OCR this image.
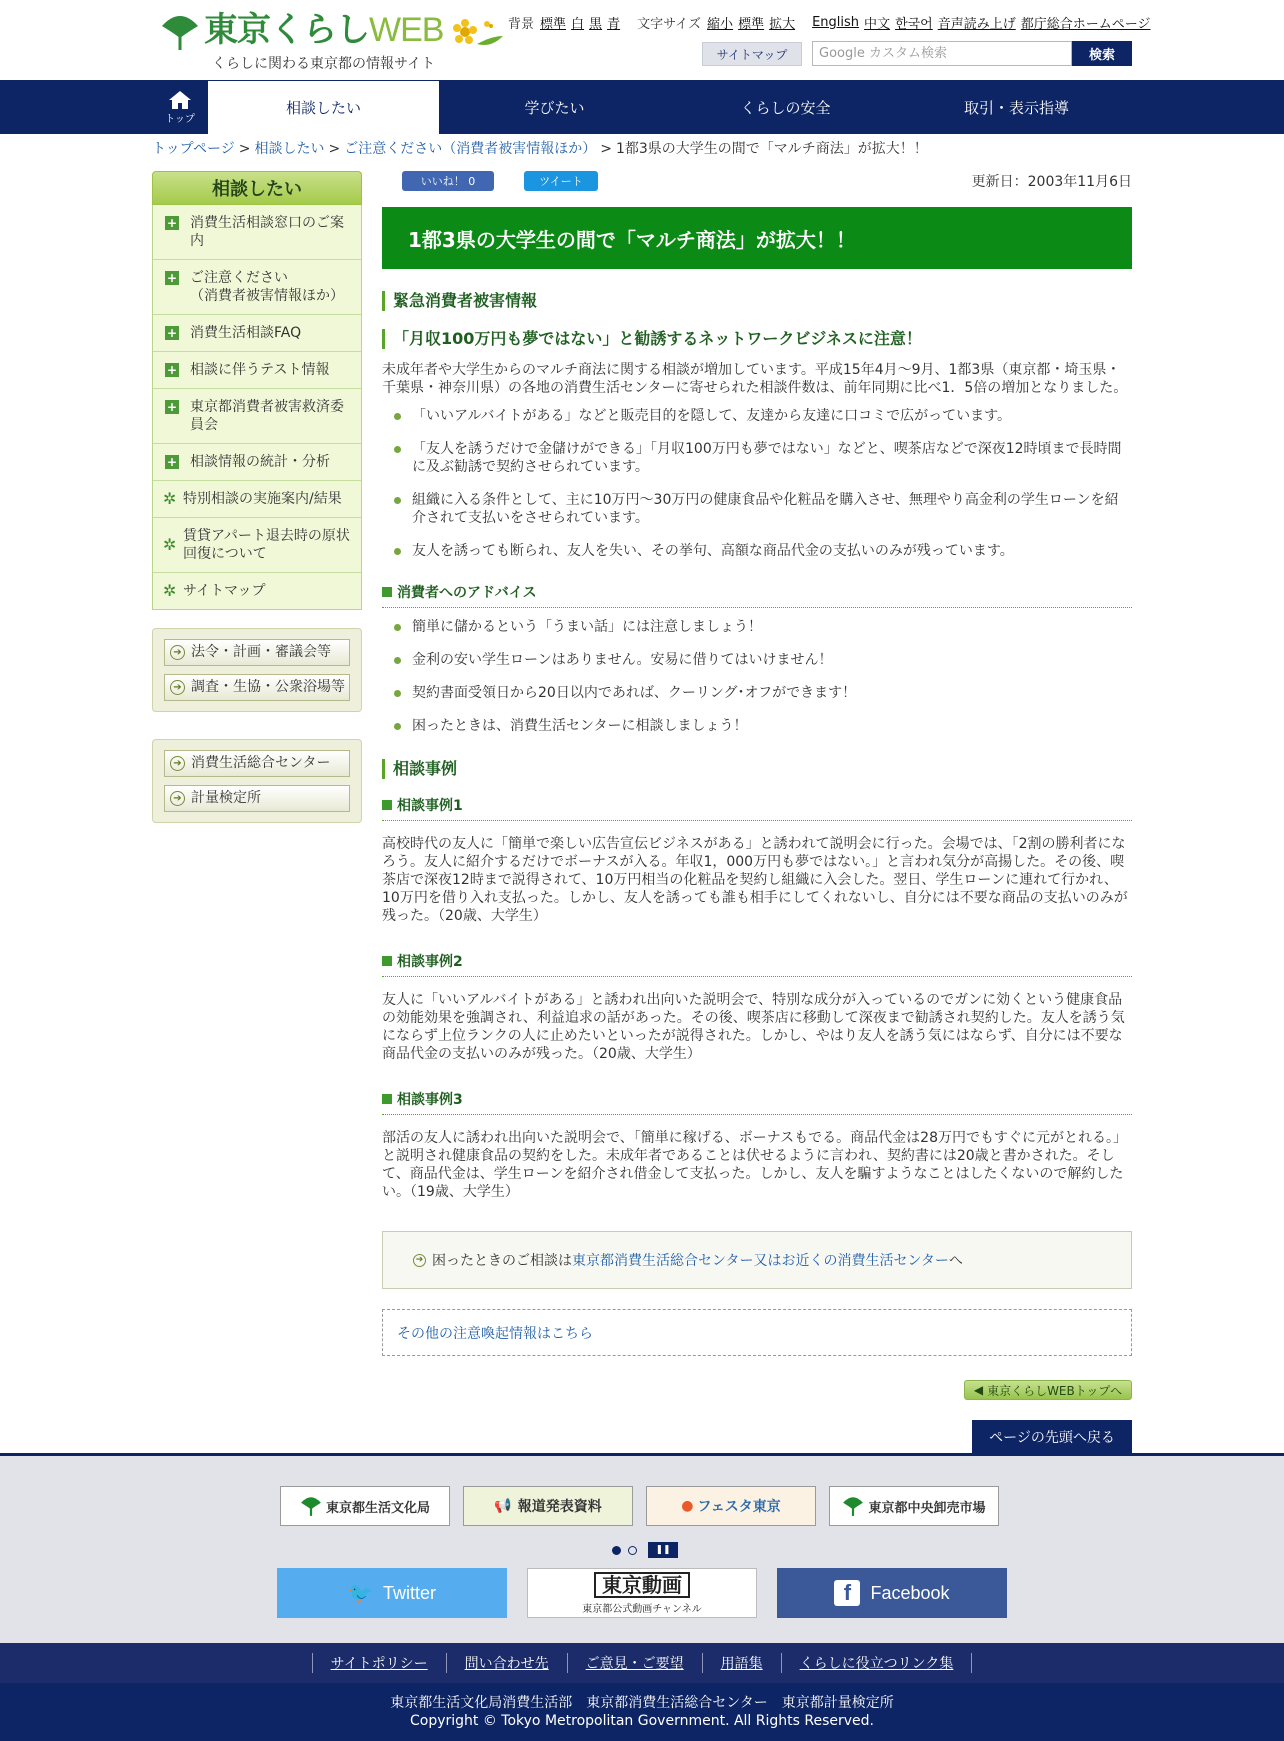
東京くらしWEB
くらしに関わる東京都の情報サイト
背景 標準 白 黒 青 文字サイズ 縮小 標準 拡大 English 中文 한국어 音声読み上げ 都庁総合ホームページ
サイトマップ	Google カスタム検索	検索
トップ
相談したい	学びたい	くらしの安全	取引・表示指導
トップページ > 相談したい > ご注意ください（消費者被害情報ほか） > 1都3県の大学生の間で「マルチ商法」が拡大！！
相談したい
+ 消費生活相談窓口のご案内
+ ご注意ください
（消費者被害情報ほか）
+ 消費生活相談FAQ
+ 相談に伴うテスト情報
+ 東京都消費者被害救済委員会
+ 相談情報の統計・分析
✲ 特別相談の実施案内/結果
✲ 賃貸アパート退去時の原状回復について
✲ サイトマップ
➔ 法令・計画・審議会等
➔ 調査・生協・公衆浴場等
➔ 消費生活総合センター
➔ 計量検定所
いいね！ 0	ツイート	更新日：2003年11月6日
1都3県の大学生の間で「マルチ商法」が拡大！！
緊急消費者被害情報
「月収100万円も夢ではない」と勧誘するネットワークビジネスに注意！
未成年者や大学生からのマルチ商法に関する相談が増加しています。平成15年4月～9月、1都3県（東京都・埼玉県・千葉県・神奈川県）の各地の消費生活センターに寄せられた相談件数は、前年同期に比べ1．5倍の増加となりました。
「いいアルバイトがある」などと販売目的を隠して、友達から友達に口コミで広がっています。
「友人を誘うだけで金儲けができる」「月収100万円も夢ではない」などと、喫茶店などで深夜12時頃まで長時間に及ぶ勧誘で契約させられています。
組織に入る条件として、主に10万円～30万円の健康食品や化粧品を購入させ、無理やり高金利の学生ローンを紹介されて支払いをさせられています。
友人を誘っても断られ、友人を失い、その挙句、高額な商品代金の支払いのみが残っています。
消費者へのアドバイス
簡単に儲かるという「うまい話」には注意しましょう！
金利の安い学生ローンはありません。安易に借りてはいけません！
契約書面受領日から20日以内であれば、クーリング･オフができます！
困ったときは、消費生活センターに相談しましょう！
相談事例
相談事例1
高校時代の友人に「簡単で楽しい広告宣伝ビジネスがある」と誘われて説明会に行った。会場では、「2割の勝利者になろう。友人に紹介するだけでボーナスが入る。年収1，000万円も夢ではない。」と言われ気分が高揚した。その後、喫茶店で深夜12時まで説得されて、10万円相当の化粧品を契約し組織に入会した。翌日、学生ローンに連れて行かれ、10万円を借り入れ支払った。しかし、友人を誘っても誰も相手にしてくれないし、自分には不要な商品の支払いのみが残った。（20歳、大学生）
相談事例2
友人に「いいアルバイトがある」と誘われ出向いた説明会で、特別な成分が入っているのでガンに効くという健康食品の効能効果を強調され、利益追求の話があった。その後、喫茶店に移動して深夜まで勧誘され契約した。友人を誘う気にならず上位ランクの人に止めたいといったが説得された。しかし、やはり友人を誘う気にはならず、自分には不要な商品代金の支払いのみが残った。（20歳、大学生）
相談事例3
部活の友人に誘われ出向いた説明会で、「簡単に稼げる、ボーナスもでる。商品代金は28万円でもすぐに元がとれる。」と説明され健康食品の契約をした。未成年者であることは伏せるように言われ、契約書には20歳と書かされた。そして、商品代金は、学生ローンを紹介され借金して支払った。しかし、友人を騙すようなことはしたくないので解約したい。（19歳、大学生）
➔ 困ったときのご相談は 東京都消費生活総合センター又はお近くの消費生活センター へ
その他の注意喚起情報はこちら
◀ 東京くらしWEBトップへ
ページの先頭へ戻る
東京都生活文化局	📢 報道発表資料	● フェスタ東京	東京都中央卸売市場
❚❚
🐦 Twitter	東京動画
東京都公式動画チャンネル
f	Facebook
サイトポリシー	問い合わせ先	ご意見・ご要望	用語集	くらしに役立つリンク集
東京都生活文化局消費生活部　東京都消費生活総合センター　東京都計量検定所
Copyright © Tokyo Metropolitan Government. All Rights Reserved.
